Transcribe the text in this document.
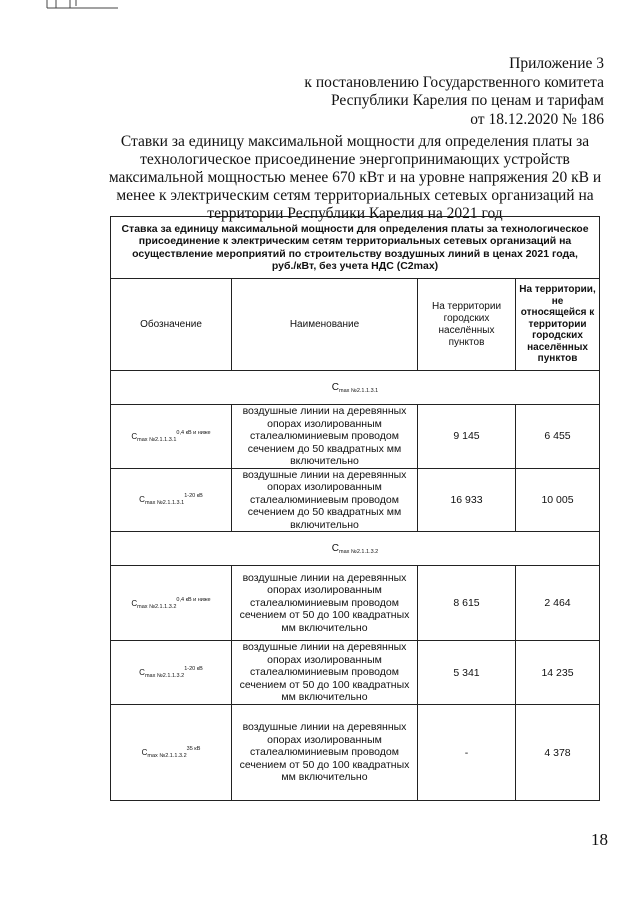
Приложение 3
к постановлению Государственного комитета
Республики Карелия по ценам и тарифам
от 18.12.2020 № 186
Ставки за единицу максимальной мощности для определения платы за
технологическое присоединение энергопринимающих устройств
максимальной мощностью менее 670 кВт и на уровне напряжения 20 кВ и
менее к электрическим сетям территориальных сетевых организаций на
территории Республики Карелия на 2021 год
Ставка за единицу максимальной мощности для определения платы за технологическое присоединение к электрическим сетям территориальных сетевых организаций на осуществление мероприятий по строительству воздушных линий в ценах 2021 года, руб./кВт, без учета НДС (C2max)			
Обозначение	Наименование	На территории городских населённых пунктов	На территории, не относящейся к территории городских населённых пунктов
$C_{max №2.1.1.3.1}$
$C_{max №2.1.1.3.1}^{0,4 кВ и ниже}$	воздушные линии на деревянных опорах изолированным сталеалюминиевым проводом сечением до 50 квадратных мм включительно	9 145	6 455
$C_{max №2.1.1.3.1}^{1-20 кВ}$	воздушные линии на деревянных опорах изолированным сталеалюминиевым проводом сечением до 50 квадратных мм включительно	16 933	10 005
$C_{max №2.1.1.3.2}$
$C_{max №2.1.1.3.2}^{0,4 кВ и ниже}$	воздушные линии на деревянных опорах изолированным сталеалюминиевым проводом сечением от 50 до 100 квадратных мм включительно	8 615	2 464
$C_{max №2.1.1.3.2}^{1-20 кВ}$	воздушные линии на деревянных опорах изолированным сталеалюминиевым проводом сечением от 50 до 100 квадратных мм включительно	5 341	14 235
$C_{max №2.1.1.3.2}^{35 кВ}$	воздушные линии на деревянных опорах изолированным сталеалюминиевым проводом сечением от 50 до 100 квадратных мм включительно	-	4 378
18
